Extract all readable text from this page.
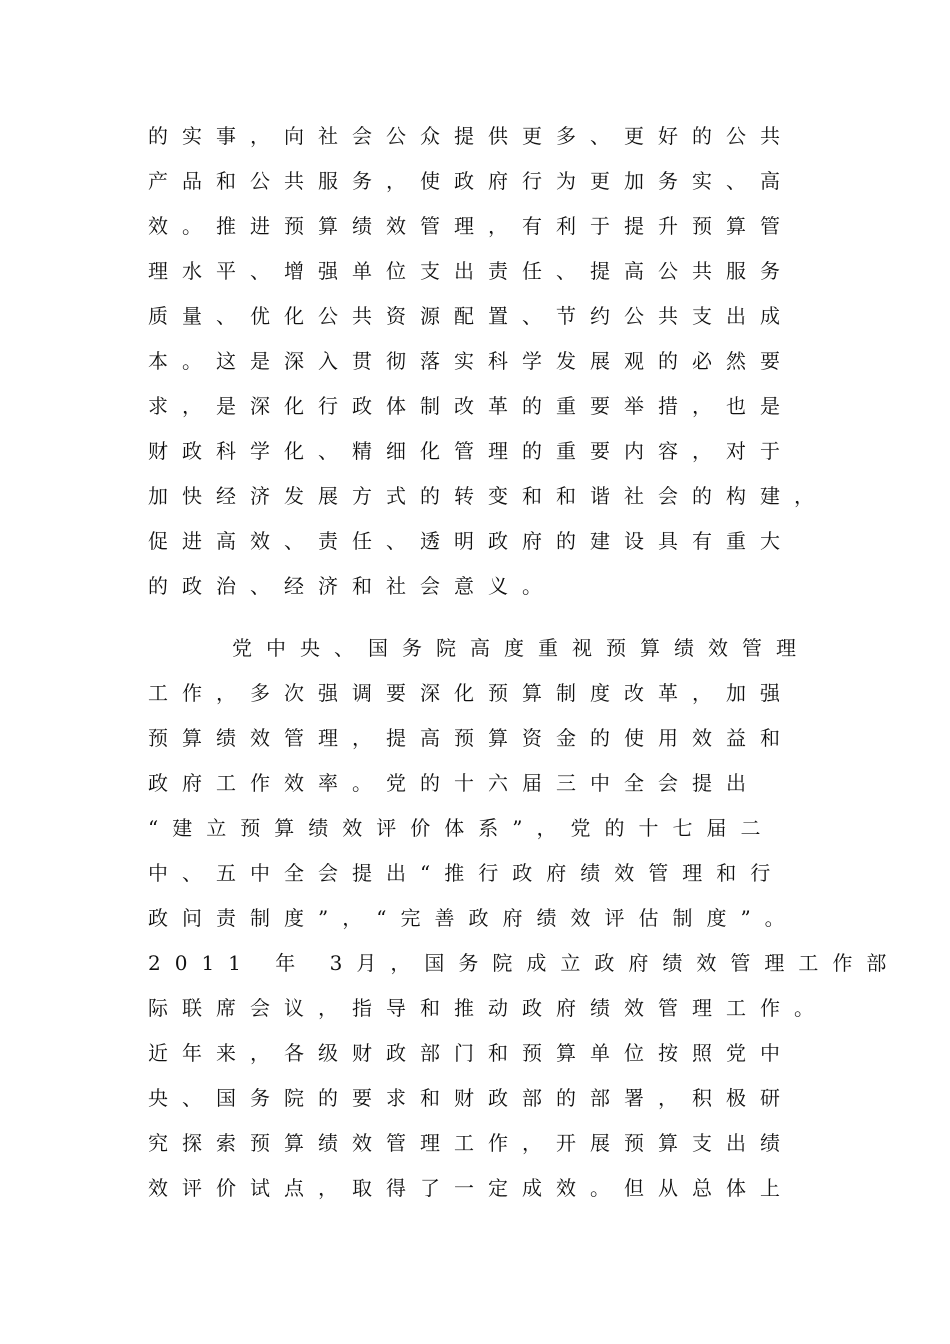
的实事，向社会公众提供更多、更好的公共
产品和公共服务，使政府行为更加务实、高
效。推进预算绩效管理，有利于提升预算管
理水平、增强单位支出责任、提高公共服务
质量、优化公共资源配置、节约公共支出成
本。这是深入贯彻落实科学发展观的必然要
求，是深化行政体制改革的重要举措，也是
财政科学化、精细化管理的重要内容，对于
加快经济发展方式的转变和和谐社会的构建，
促进高效、责任、透明政府的建设具有重大
的政治、经济和社会意义。
党中央、国务院高度重视预算绩效管理
工作，多次强调要深化预算制度改革，加强
预算绩效管理，提高预算资金的使用效益和
政府工作效率。党的十六届三中全会提出
“建立预算绩效评价体系”，党的十七届二
中、五中全会提出“推行政府绩效管理和行
政问责制度”，“完善政府绩效评估制度”。
2011 年 3月，国务院成立政府绩效管理工作部
际联席会议，指导和推动政府绩效管理工作。
近年来，各级财政部门和预算单位按照党中
央、国务院的要求和财政部的部署，积极研
究探索预算绩效管理工作，开展预算支出绩
效评价试点，取得了一定成效。但从总体上
